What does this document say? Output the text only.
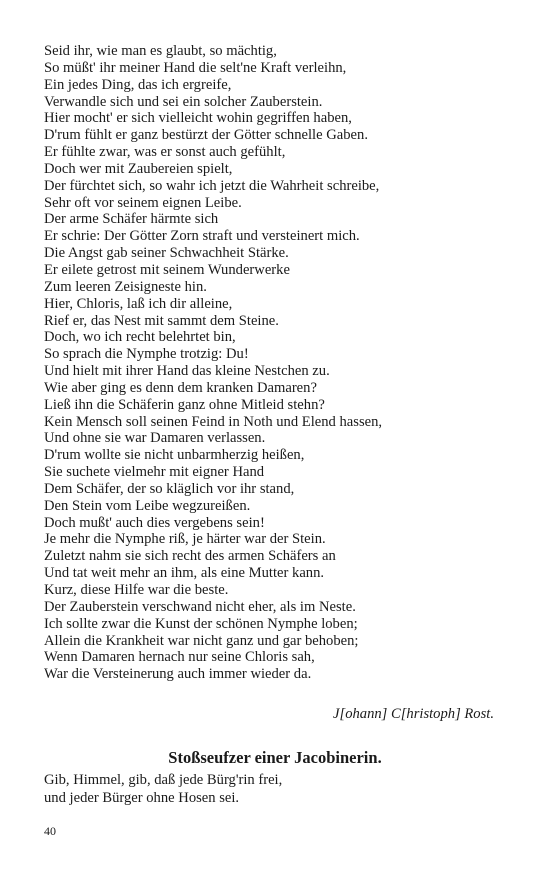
Seid ihr, wie man es glaubt, so mächtig,
So müßt' ihr meiner Hand die selt'ne Kraft verleihn,
Ein jedes Ding, das ich ergreife,
Verwandle sich und sei ein solcher Zauberstein.
Hier mocht' er sich vielleicht wohin gegriffen haben,
D'rum fühlt er ganz bestürzt der Götter schnelle Gaben.
Er fühlte zwar, was er sonst auch gefühlt,
Doch wer mit Zaubereien spielt,
Der fürchtet sich, so wahr ich jetzt die Wahrheit schreibe,
Sehr oft vor seinem eignen Leibe.
Der arme Schäfer härmte sich
Er schrie: Der Götter Zorn straft und versteinert mich.
Die Angst gab seiner Schwachheit Stärke.
Er eilete getrost mit seinem Wunderwerke
Zum leeren Zeisigneste hin.
Hier, Chloris, laß ich dir alleine,
Rief er, das Nest mit sammt dem Steine.
Doch, wo ich recht belehrtet bin,
So sprach die Nymphe trotzig: Du!
Und hielt mit ihrer Hand das kleine Nestchen zu.
Wie aber ging es denn dem kranken Damaren?
Ließ ihn die Schäferin ganz ohne Mitleid stehn?
Kein Mensch soll seinen Feind in Noth und Elend hassen,
Und ohne sie war Damaren verlassen.
D'rum wollte sie nicht unbarmherzig heißen,
Sie suchete vielmehr mit eigner Hand
Dem Schäfer, der so kläglich vor ihr stand,
Den Stein vom Leibe wegzureißen.
Doch mußt' auch dies vergebens sein!
Je mehr die Nymphe riß, je härter war der Stein.
Zuletzt nahm sie sich recht des armen Schäfers an
Und tat weit mehr an ihm, als eine Mutter kann.
Kurz, diese Hilfe war die beste.
Der Zauberstein verschwand nicht eher, als im Neste.
Ich sollte zwar die Kunst der schönen Nymphe loben;
Allein die Krankheit war nicht ganz und gar behoben;
Wenn Damaren hernach nur seine Chloris sah,
War die Versteinerung auch immer wieder da.
J[ohann] C[hristoph] Rost.
Stoßseufzer einer Jacobinerin.
Gib, Himmel, gib, daß jede Bürg'rin frei,
und jeder Bürger ohne Hosen sei.
40
